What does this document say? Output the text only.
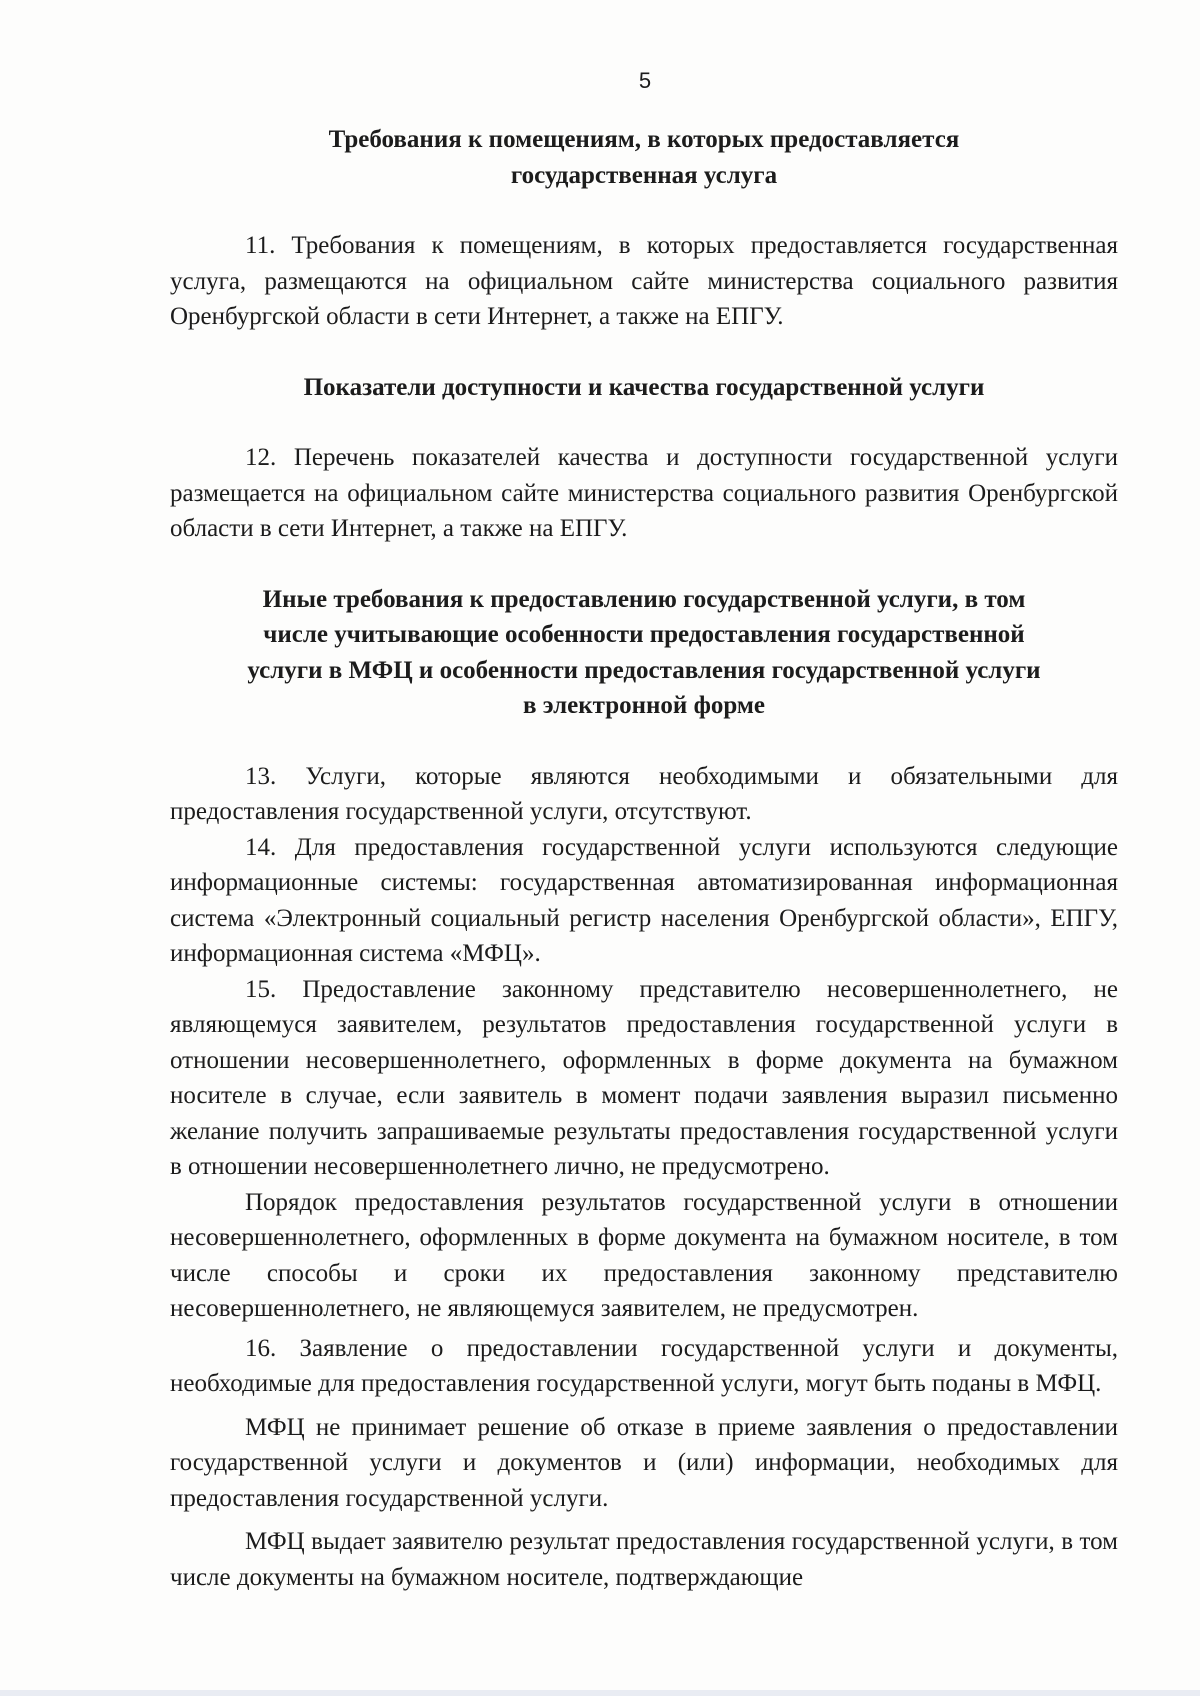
5

Требования к помещениям, в которых предоставляется

государственная услуга

11. Требования к помещениям, в которых предоставляется государственная услуга, размещаются на официальном сайте министерства социального развития Оренбургской области в сети Интернет, а также на ЕПГУ.

Показатели доступности и качества государственной услуги

12. Перечень показателей качества и доступности государственной услуги размещается на официальном сайте министерства социального развития Оренбургской области в сети Интернет, а также на ЕПГУ.

Иные требования к предоставлению государственной услуги, в том

числе учитывающие особенности предоставления государственной

услуги в МФЦ и особенности предоставления государственной услуги

в электронной форме

13. Услуги, которые являются необходимыми и обязательными для предоставления государственной услуги, отсутствуют.

14. Для предоставления государственной услуги используются следующие информационные системы: государственная автоматизированная информационная система «Электронный социальный регистр населения Оренбургской области», ЕПГУ, информационная система «МФЦ».

15. Предоставление законному представителю несовершеннолетнего, не являющемуся заявителем, результатов предоставления государственной услуги в отношении несовершеннолетнего, оформленных в форме документа на бумажном носителе в случае, если заявитель в момент подачи заявления выразил письменно желание получить запрашиваемые результаты предоставления государственной услуги в отношении несовершеннолетнего лично, не предусмотрено.

Порядок предоставления результатов государственной услуги в отношении несовершеннолетнего, оформленных в форме документа на бумажном носителе, в том числе способы и сроки их предоставления законному представителю несовершеннолетнего, не являющемуся заявителем, не предусмотрен.

16. Заявление о предоставлении государственной услуги и документы, необходимые для предоставления государственной услуги, могут быть поданы в МФЦ.

МФЦ не принимает решение об отказе в приеме заявления о предоставлении государственной услуги и документов и (или) информации, необходимых для предоставления государственной услуги.

МФЦ выдает заявителю результат предоставления государственной услуги, в том числе документы на бумажном носителе, подтверждающие
